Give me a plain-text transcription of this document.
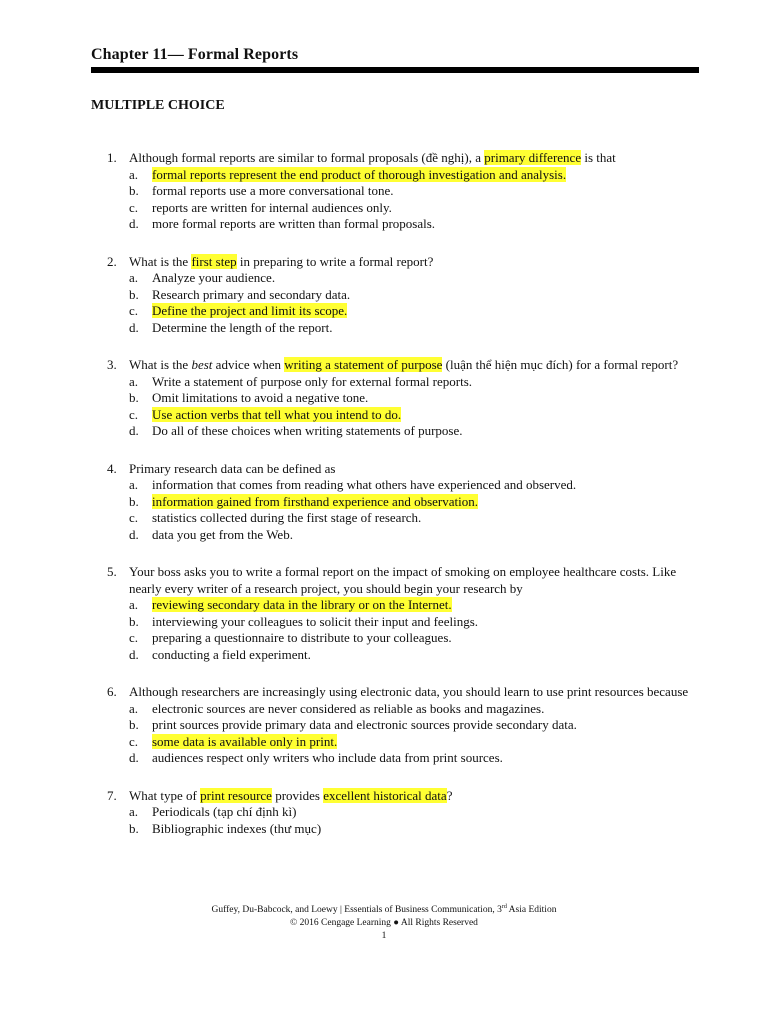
Chapter 11— Formal Reports
MULTIPLE CHOICE
1. Although formal reports are similar to formal proposals (đề nghị), a primary difference is that
a.	formal reports represent the end product of thorough investigation and analysis.
b.	formal reports use a more conversational tone.
c.	reports are written for internal audiences only.
d.	more formal reports are written than formal proposals.
2. What is the first step in preparing to write a formal report?
a.	Analyze your audience.
b.	Research primary and secondary data.
c.	Define the project and limit its scope.
d.	Determine the length of the report.
3. What is the best advice when writing a statement of purpose (luận thể hiện mục đích) for a formal report?
a.	Write a statement of purpose only for external formal reports.
b.	Omit limitations to avoid a negative tone.
c.	Use action verbs that tell what you intend to do.
d.	Do all of these choices when writing statements of purpose.
4. Primary research data can be defined as
a.	information that comes from reading what others have experienced and observed.
b.	information gained from firsthand experience and observation.
c.	statistics collected during the first stage of research.
d.	data you get from the Web.
5. Your boss asks you to write a formal report on the impact of smoking on employee healthcare costs. Like nearly every writer of a research project, you should begin your research by
a.	reviewing secondary data in the library or on the Internet.
b.	interviewing your colleagues to solicit their input and feelings.
c.	preparing a questionnaire to distribute to your colleagues.
d.	conducting a field experiment.
6. Although researchers are increasingly using electronic data, you should learn to use print resources because
a.	electronic sources are never considered as reliable as books and magazines.
b.	print sources provide primary data and electronic sources provide secondary data.
c.	some data is available only in print.
d.	audiences respect only writers who include data from print sources.
7. What type of print resource provides excellent historical data?
a.	Periodicals (tạp chí định kì)
b.	Bibliographic indexes (thư mục)
Guffey, Du-Babcock, and Loewy | Essentials of Business Communication, 3rd Asia Edition
© 2016 Cengage Learning ● All Rights Reserved
1
